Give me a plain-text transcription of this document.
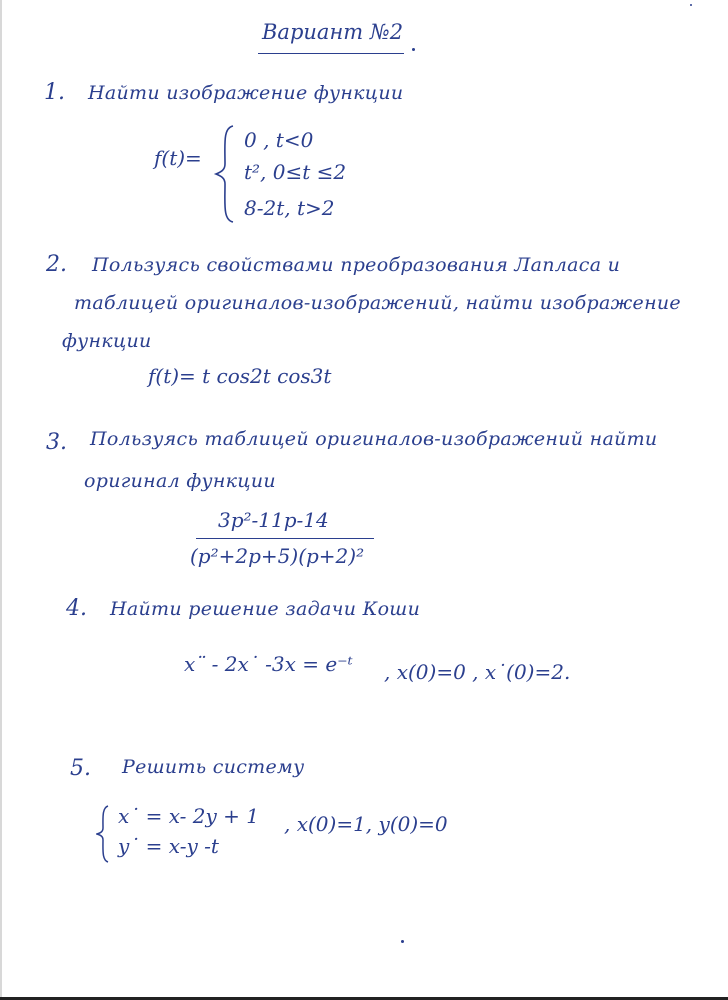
Вариант №2
1. Найти изображение функции
f(t)=
0 , t<0
t², 0≤t ≤2
8-2t, t>2
2. Пользуясь свойствами преобразования Лапласа и
таблицей оригиналов-изображений, найти изображение
функции
f(t)= t cos2t cos3t
3. Пользуясь таблицей оригиналов-изображений найти
оригинал функции
3p²-11p-14
(p²+2p+5)(p+2)²
4. Найти решение задачи Коши
x¨ - 2x˙ -3x = e⁻ᵗ , x(0)=0 , x˙(0)=2.
5. Решить систему
x˙ = x- 2y + 1
y˙ = x-y -t
, x(0)=1, y(0)=0
